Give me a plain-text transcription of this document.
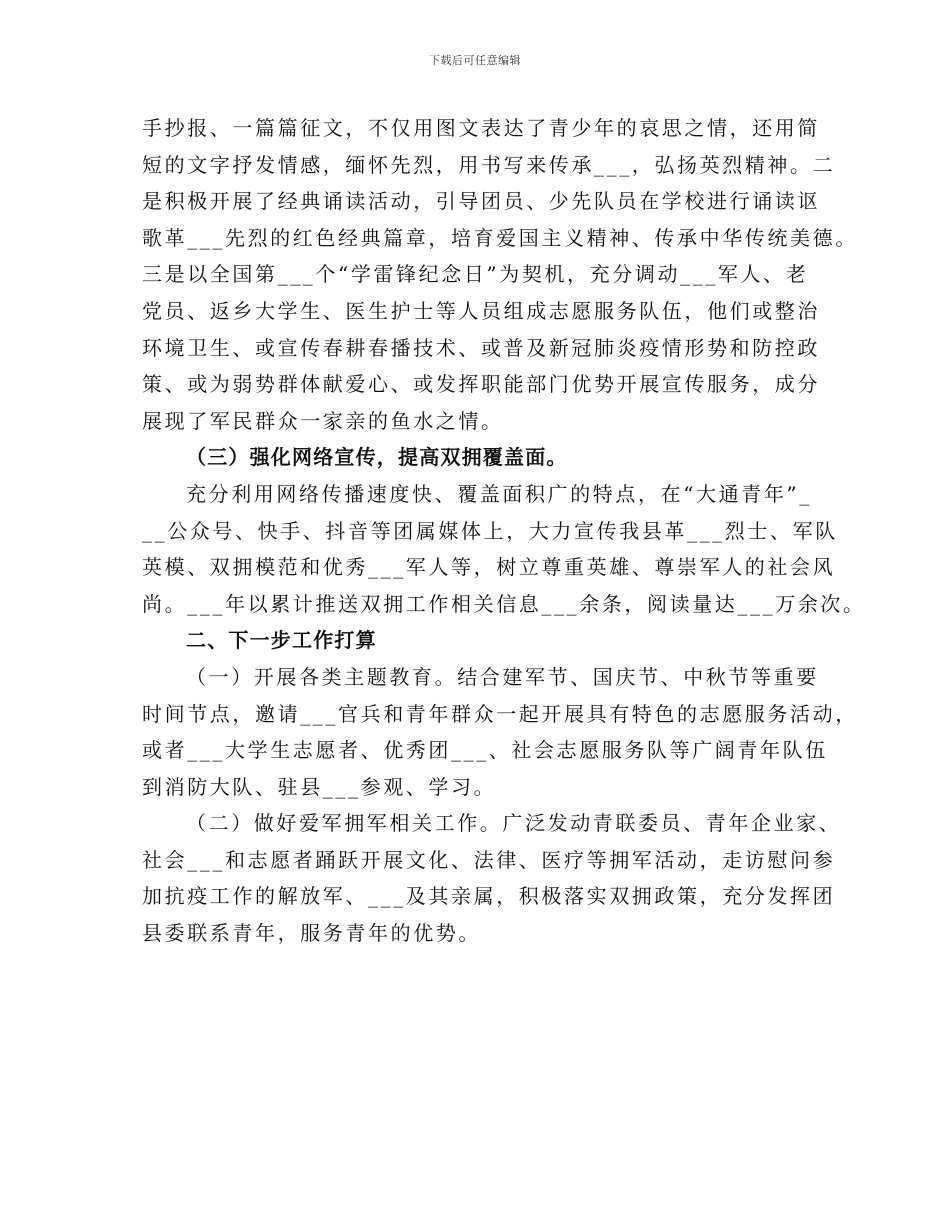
下载后可任意编辑
手抄报、一篇篇征文，不仅用图文表达了青少年的哀思之情，还用简
短的文字抒发情感，缅怀先烈，用书写来传承___，弘扬英烈精神。二
是积极开展了经典诵读活动，引导团员、少先队员在学校进行诵读讴
歌革___先烈的红色经典篇章，培育爱国主义精神、传承中华传统美德。
三是以全国第___个“学雷锋纪念日”为契机，充分调动___军人、老
党员、返乡大学生、医生护士等人员组成志愿服务队伍，他们或整治
环境卫生、或宣传春耕春播技术、或普及新冠肺炎疫情形势和防控政
策、或为弱势群体献爱心、或发挥职能部门优势开展宣传服务，成分
展现了军民群众一家亲的鱼水之情。
（三）强化网络宣传，提高双拥覆盖面。
充分利用网络传播速度快、覆盖面积广的特点，在“大通青年”_
__公众号、快手、抖音等团属媒体上，大力宣传我县革___烈士、军队
英模、双拥模范和优秀___军人等，树立尊重英雄、尊崇军人的社会风
尚。___年以累计推送双拥工作相关信息___余条，阅读量达___万余次。
二、下一步工作打算
（一）开展各类主题教育。结合建军节、国庆节、中秋节等重要
时间节点，邀请___官兵和青年群众一起开展具有特色的志愿服务活动，
或者___大学生志愿者、优秀团___、社会志愿服务队等广阔青年队伍
到消防大队、驻县___参观、学习。
（二）做好爱军拥军相关工作。广泛发动青联委员、青年企业家、
社会___和志愿者踊跃开展文化、法律、医疗等拥军活动，走访慰问参
加抗疫工作的解放军、___及其亲属，积极落实双拥政策，充分发挥团
县委联系青年，服务青年的优势。
